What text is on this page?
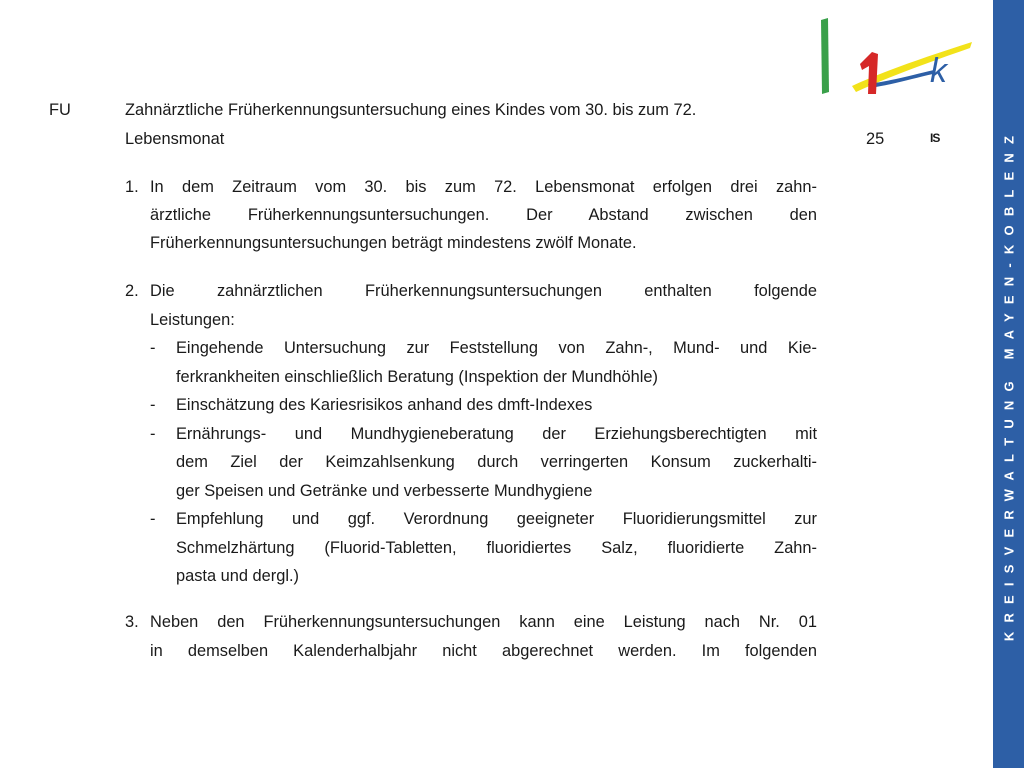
FU	Zahnärztliche Früherkennungsuntersuchung eines Kindes vom 30. bis zum 72.
Lebensmonat	25	IS
1. In dem Zeitraum vom 30. bis zum 72. Lebensmonat erfolgen drei zahn-
ärztliche Früherkennungsuntersuchungen. Der Abstand zwischen den
Früherkennungsuntersuchungen beträgt mindestens zwölf Monate.
2. Die zahnärztlichen Früherkennungsuntersuchungen enthalten folgende
Leistungen:
- Eingehende Untersuchung zur Feststellung von Zahn-, Mund- und Kie-
ferkrankheiten einschließlich Beratung (Inspektion der Mundhöhle)
- Einschätzung des Kariesrisikos anhand des dmft-Indexes
- Ernährungs- und Mundhygieneberatung der Erziehungsberechtigten mit
dem Ziel der Keimzahlsenkung durch verringerten Konsum zuckerhalti-
ger Speisen und Getränke und verbesserte Mundhygiene
- Empfehlung und ggf. Verordnung geeigneter Fluoridierungsmittel zur
Schmelzhärtung (Fluorid-Tabletten, fluoridiertes Salz, fluoridierte Zahn-
pasta und dergl.)
3. Neben den Früherkennungsuntersuchungen kann eine Leistung nach Nr. 01
in demselben Kalenderhalbjahr nicht abgerechnet werden. Im folgenden
k
KREISVERWALTUNG MAYEN-KOBLENZ
